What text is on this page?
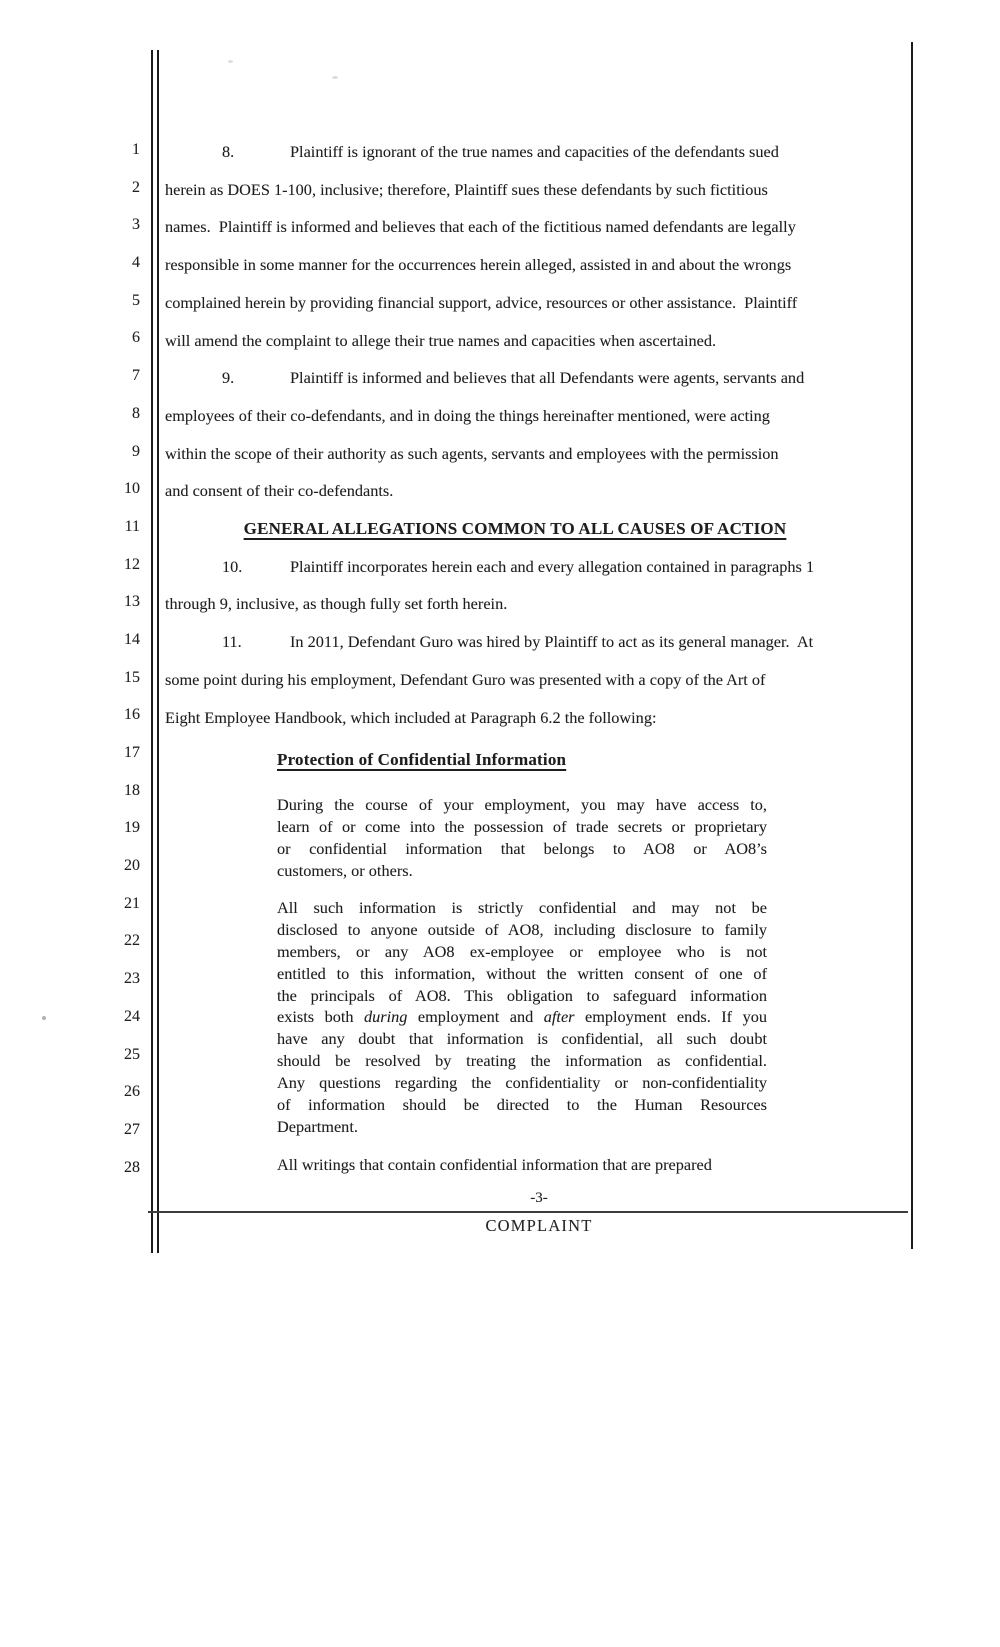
1
2
3
4
5
6
7
8
9
10
11
12
13
14
15
16
17
18
19
20
21
22
23
24
25
26
27
28
8.	Plaintiff is ignorant of the true names and capacities of the defendants sued
herein as DOES 1-100, inclusive; therefore, Plaintiff sues these defendants by such fictitious
names.  Plaintiff is informed and believes that each of the fictitious named defendants are legally
responsible in some manner for the occurrences herein alleged, assisted in and about the wrongs
complained herein by providing financial support, advice, resources or other assistance.  Plaintiff
will amend the complaint to allege their true names and capacities when ascertained.
9.	Plaintiff is informed and believes that all Defendants were agents, servants and
employees of their co-defendants, and in doing the things hereinafter mentioned, were acting
within the scope of their authority as such agents, servants and employees with the permission
and consent of their co-defendants.
GENERAL ALLEGATIONS COMMON TO ALL CAUSES OF ACTION
10.	Plaintiff incorporates herein each and every allegation contained in paragraphs 1
through 9, inclusive, as though fully set forth herein.
11.	In 2011, Defendant Guro was hired by Plaintiff to act as its general manager.  At
some point during his employment, Defendant Guro was presented with a copy of the Art of
Eight Employee Handbook, which included at Paragraph 6.2 the following:
Protection of Confidential Information
During the course of your employment, you may have access to,
learn of or come into the possession of trade secrets or proprietary
or confidential information that belongs to AO8 or AO8’s
customers, or others.
All such information is strictly confidential and may not be
disclosed to anyone outside of AO8, including disclosure to family
members, or any AO8 ex-employee or employee who is not
entitled to this information, without the written consent of one of
the principals of AO8. This obligation to safeguard information
exists both during employment and after employment ends. If you
have any doubt that information is confidential, all such doubt
should be resolved by treating the information as confidential.
Any questions regarding the confidentiality or non-confidentiality
of information should be directed to the Human Resources
Department.
All writings that contain confidential information that are prepared
-3-
COMPLAINT
